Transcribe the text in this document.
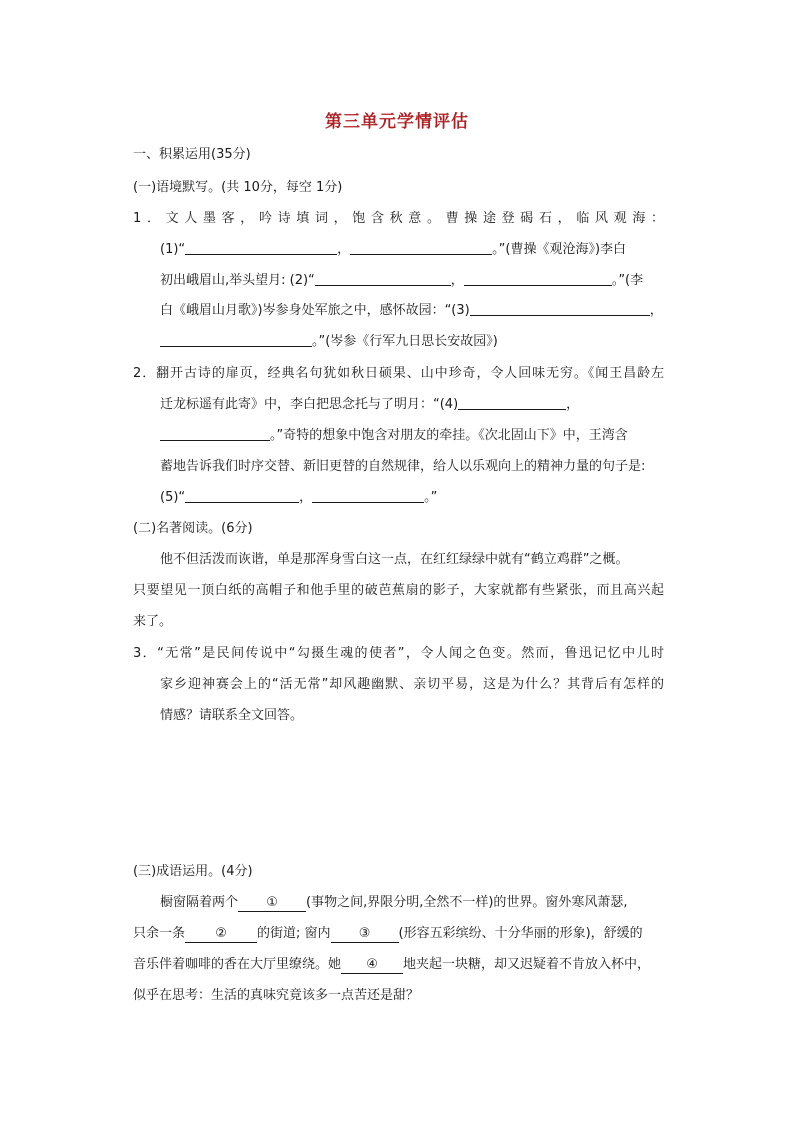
第三单元学情评估
一、积累运用(35分)
(一)语境默写。(共 10分，每空 1分)
1．文人墨客，吟诗填词，饱含秋意。曹操途登碣石，临风观海：
(1)“	，	。”(曹操《观沧海》)李白
初出峨眉山,举头望月: (2)“	，	。”(李
白《峨眉山月歌》)岑参身处军旅之中，感怀故园：“(3)	，
。”(岑参《行军九日思长安故园》)
2．翻开古诗的扉页，经典名句犹如秋日硕果、山中珍奇，令人回味无穷。《闻王昌龄左
迁龙标遥有此寄》中，李白把思念托与了明月：“(4)	，
。”奇特的想象中饱含对朋友的牵挂。《次北固山下》中，王湾含
蓄地告诉我们时序交替、新旧更替的自然规律，给人以乐观向上的精神力量的句子是:
(5)“	，	。”
(二)名著阅读。(6分)
他不但活泼而诙谐，单是那浑身雪白这一点，在红红绿绿中就有“鹤立鸡群”之概。
只要望见一顶白纸的高帽子和他手里的破芭蕉扇的影子，大家就都有些紧张，而且高兴起
来了。
3．“无常”是民间传说中“勾摄生魂的使者”，令人闻之色变。然而，鲁迅记忆中儿时
家乡迎神赛会上的“活无常”却风趣幽默、亲切平易，这是为什么？其背后有怎样的
情感？请联系全文回答。
(三)成语运用。(4分)
橱窗隔着两个 ① (事物之间,界限分明,全然不一样)的世界。窗外寒风萧瑟,
只余一条 ② 的街道; 窗内 ③ (形容五彩缤纷、十分华丽的形象)，舒缓的
音乐伴着咖啡的香在大厅里缭绕。她 ④ 地夹起一块糖，却又迟疑着不肯放入杯中，
似乎在思考：生活的真味究竟该多一点苦还是甜？
